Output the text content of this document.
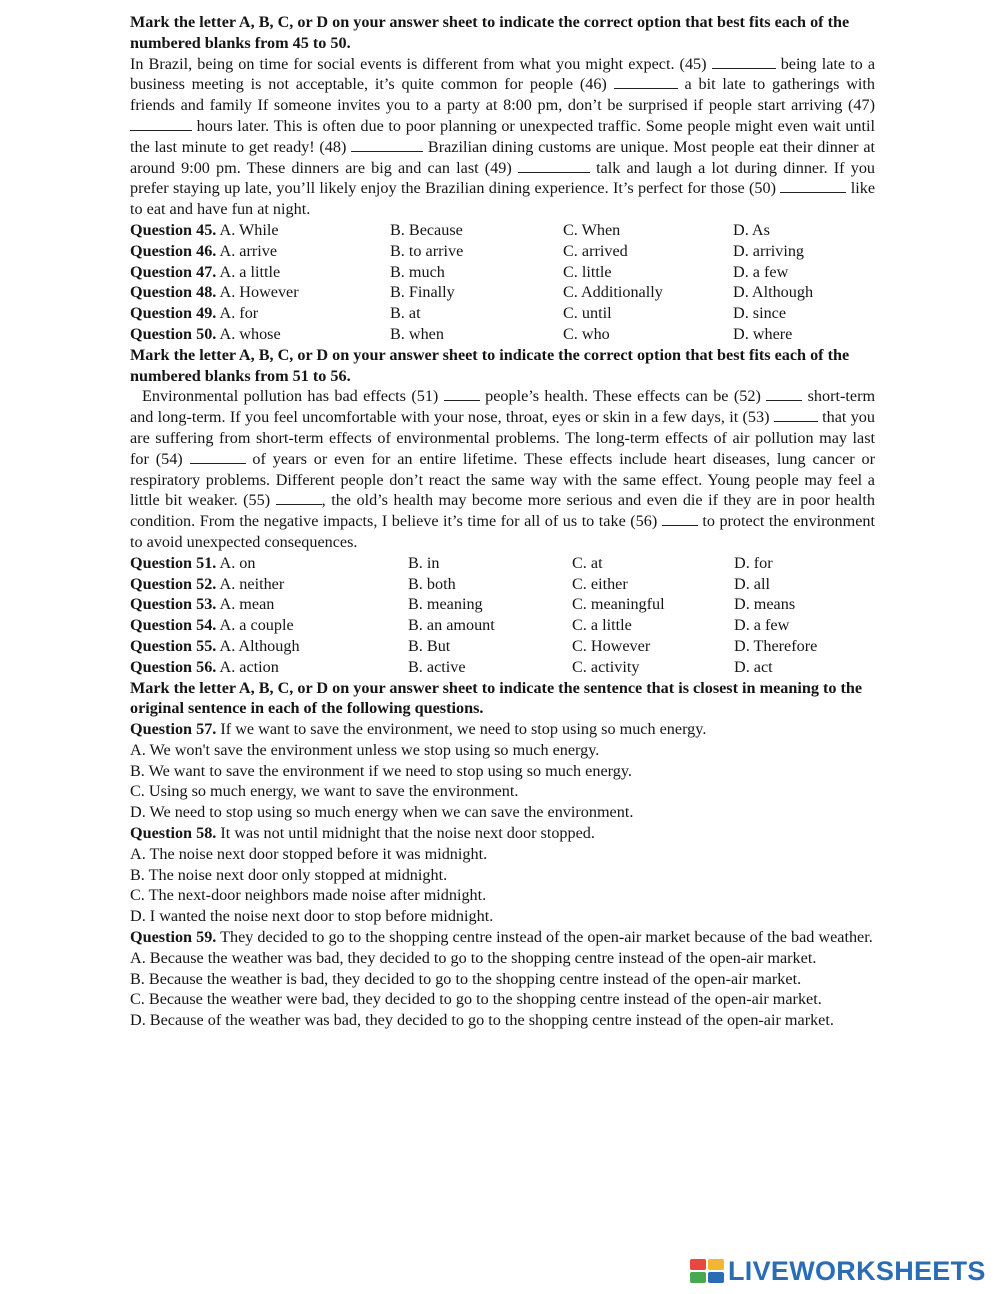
Mark the letter A, B, C, or D on your answer sheet to indicate the correct option that best fits each of the numbered blanks from 45 to 50.
In Brazil, being on time for social events is different from what you might expect. (45)	being late to a business meeting is not acceptable, it’s quite common for people (46)	a bit late to gatherings with friends and family If someone invites you to a party at 8:00 pm, don’t be surprised if people start arriving (47)  hours later. This is often due to poor planning or unexpected traffic. Some people might even wait until the last minute to get ready! (48)	Brazilian dining customs are unique. Most people eat their dinner at around 9:00 pm. These dinners are big and can last (49)	talk and laugh a lot during dinner. If you prefer staying up late, you’ll likely enjoy the Brazilian dining experience. It’s perfect for those (50)	like to eat and have fun at night.
Question 45. A. While	B. Because	C. When	D. As
Question 46. A. arrive	B. to arrive	C. arrived	D. arriving
Question 47. A. a little	B. much	C. little	D. a few
Question 48. A. However	B. Finally	C. Additionally	D. Although
Question 49. A. for	B. at	C. until	D. since
Question 50. A. whose	B. when	C. who	D. where
Mark the letter A, B, C, or D on your answer sheet to indicate the correct option that best fits each of the numbered blanks from 51 to 56.
Environmental pollution has bad effects (51)	people’s health. These effects can be (52)	short-term and long-term. If you feel uncomfortable with your nose, throat, eyes or skin in a few days, it (53)	that you are suffering from short-term effects of environmental problems. The long-term effects of air pollution may last for (54)	of years or even for an entire lifetime. These effects include heart diseases, lung cancer or respiratory problems. Different people don’t react the same way with the same effect. Young people may feel a little bit weaker. (55)	, the old’s health may become more serious and even die if they are in poor health condition. From the negative impacts, I believe it’s time for all of us to take (56)	to protect the environment to avoid unexpected consequences.
Question 51. A. on	B. in	C. at	D. for
Question 52. A. neither	B. both	C. either	D. all
Question 53. A. mean	B. meaning	C. meaningful	D. means
Question 54. A. a couple	B. an amount	C. a little	D. a few
Question 55. A. Although	B. But	C. However	D. Therefore
Question 56. A. action	B. active	C. activity	D. act
Mark the letter A, B, C, or D on your answer sheet to indicate the sentence that is closest in meaning to the original sentence in each of the following questions.

Question 57. If we want to save the environment, we need to stop using so much energy.

A. We won't save the environment unless we stop using so much energy.

B. We want to save the environment if we need to stop using so much energy.

C. Using so much energy, we want to save the environment.

D. We need to stop using so much energy when we can save the environment.

Question 58. It was not until midnight that the noise next door stopped.

A. The noise next door stopped before it was midnight.

B. The noise next door only stopped at midnight.

C. The next-door neighbors made noise after midnight.

D. I wanted the noise next door to stop before midnight.

Question 59. They decided to go to the shopping centre instead of the open-air market because of the bad weather.

A. Because the weather was bad, they decided to go to the shopping centre instead of the open-air market.

B. Because the weather is bad, they decided to go to the shopping centre instead of the open-air market.

C. Because the weather were bad, they decided to go to the shopping centre instead of the open-air market.

D. Because of the weather was bad, they decided to go to the shopping centre instead of the open-air market.

LIVEWORKSHEETS
